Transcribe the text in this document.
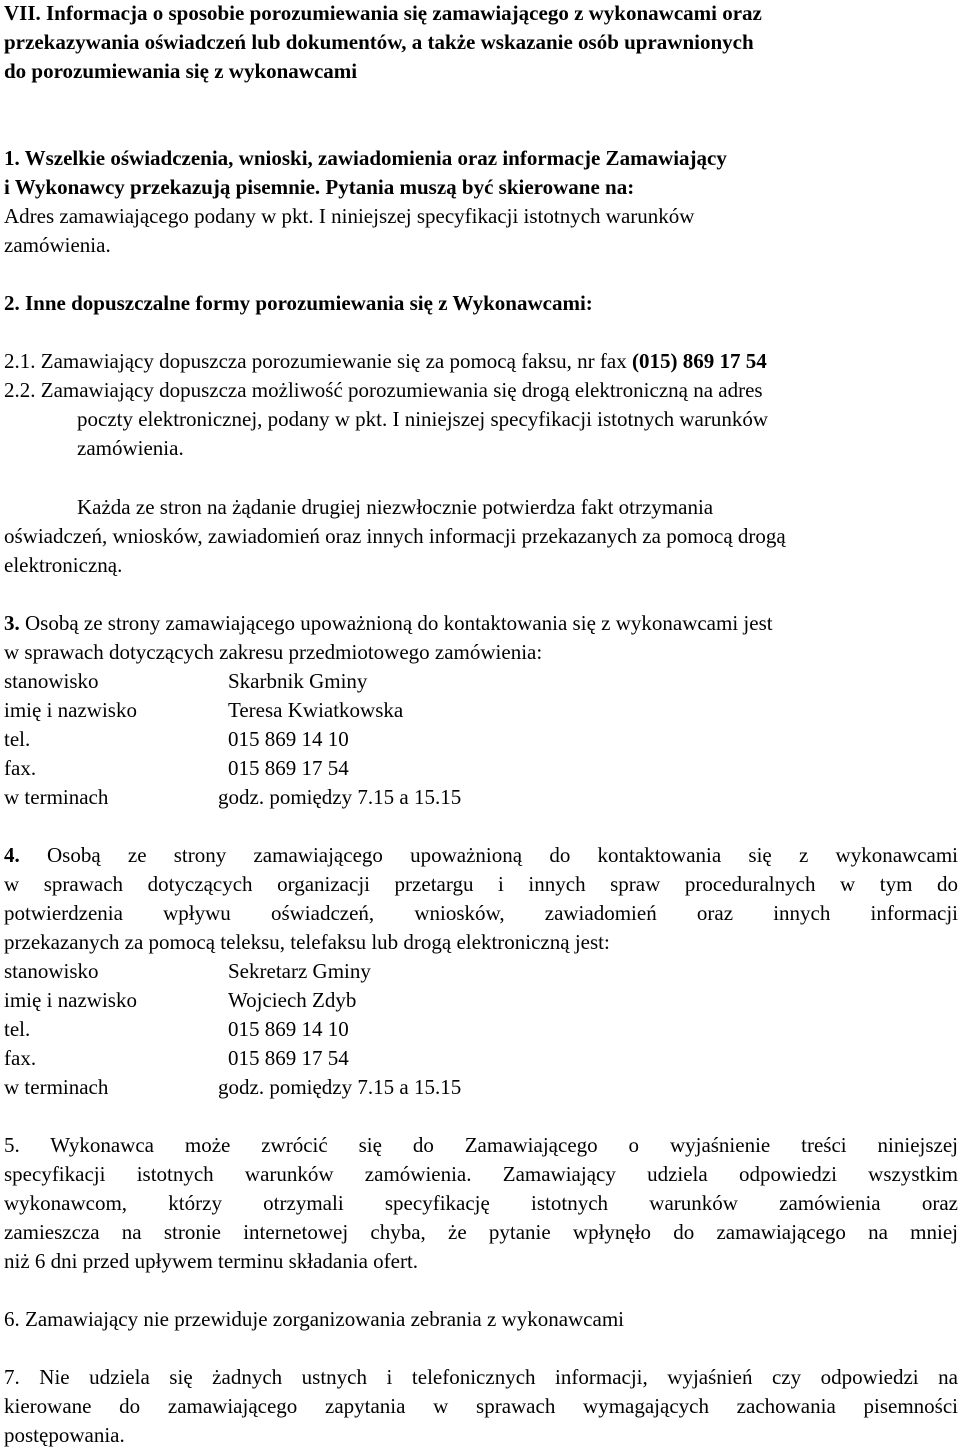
VII. Informacja o sposobie porozumiewania się zamawiającego z wykonawcami oraz
przekazywania oświadczeń lub dokumentów, a także wskazanie osób uprawnionych
do porozumiewania się z wykonawcami
1. Wszelkie oświadczenia, wnioski, zawiadomienia oraz informacje Zamawiający
i Wykonawcy przekazują pisemnie. Pytania muszą być skierowane na:
Adres zamawiającego podany w pkt. I niniejszej specyfikacji istotnych warunków
zamówienia.
2. Inne dopuszczalne formy porozumiewania się z Wykonawcami:
2.1. Zamawiający dopuszcza porozumiewanie się za pomocą faksu, nr fax (015) 869 17 54
2.2. Zamawiający dopuszcza możliwość porozumiewania się drogą elektroniczną na adres
poczty elektronicznej, podany w pkt. I niniejszej specyfikacji istotnych warunków
zamówienia.
Każda ze stron na żądanie drugiej niezwłocznie potwierdza fakt otrzymania
oświadczeń, wniosków, zawiadomień oraz innych informacji przekazanych za pomocą drogą
elektroniczną.
3. Osobą ze strony zamawiającego upoważnioną do kontaktowania się z wykonawcami jest
w sprawach dotyczących zakresu przedmiotowego zamówienia:
stanowisko	Skarbnik Gminy
imię i nazwisko	Teresa Kwiatkowska
tel.	015 869 14 10
fax.	015 869 17 54
w terminach	godz. pomiędzy 7.15 a 15.15
4. Osobą ze strony zamawiającego upoważnioną do kontaktowania się z wykonawcami
w sprawach dotyczących organizacji przetargu i innych spraw proceduralnych w tym do
potwierdzenia wpływu oświadczeń, wniosków, zawiadomień oraz innych informacji
przekazanych za pomocą teleksu, telefaksu lub drogą elektroniczną jest:
stanowisko	Sekretarz Gminy
imię i nazwisko	Wojciech Zdyb
tel.	015 869 14 10
fax.	015 869 17 54
w terminach	godz. pomiędzy 7.15 a 15.15
5. Wykonawca może zwrócić się do Zamawiającego o wyjaśnienie treści niniejszej
specyfikacji istotnych warunków zamówienia. Zamawiający udziela odpowiedzi wszystkim
wykonawcom, którzy otrzymali specyfikację istotnych warunków zamówienia oraz
zamieszcza na stronie internetowej chyba, że pytanie wpłynęło do zamawiającego na mniej
niż 6 dni przed upływem terminu składania ofert.
6. Zamawiający nie przewiduje zorganizowania zebrania z wykonawcami
7. Nie udziela się żadnych ustnych i telefonicznych informacji, wyjaśnień czy odpowiedzi na
kierowane do zamawiającego zapytania w sprawach wymagających zachowania pisemności
postępowania.
